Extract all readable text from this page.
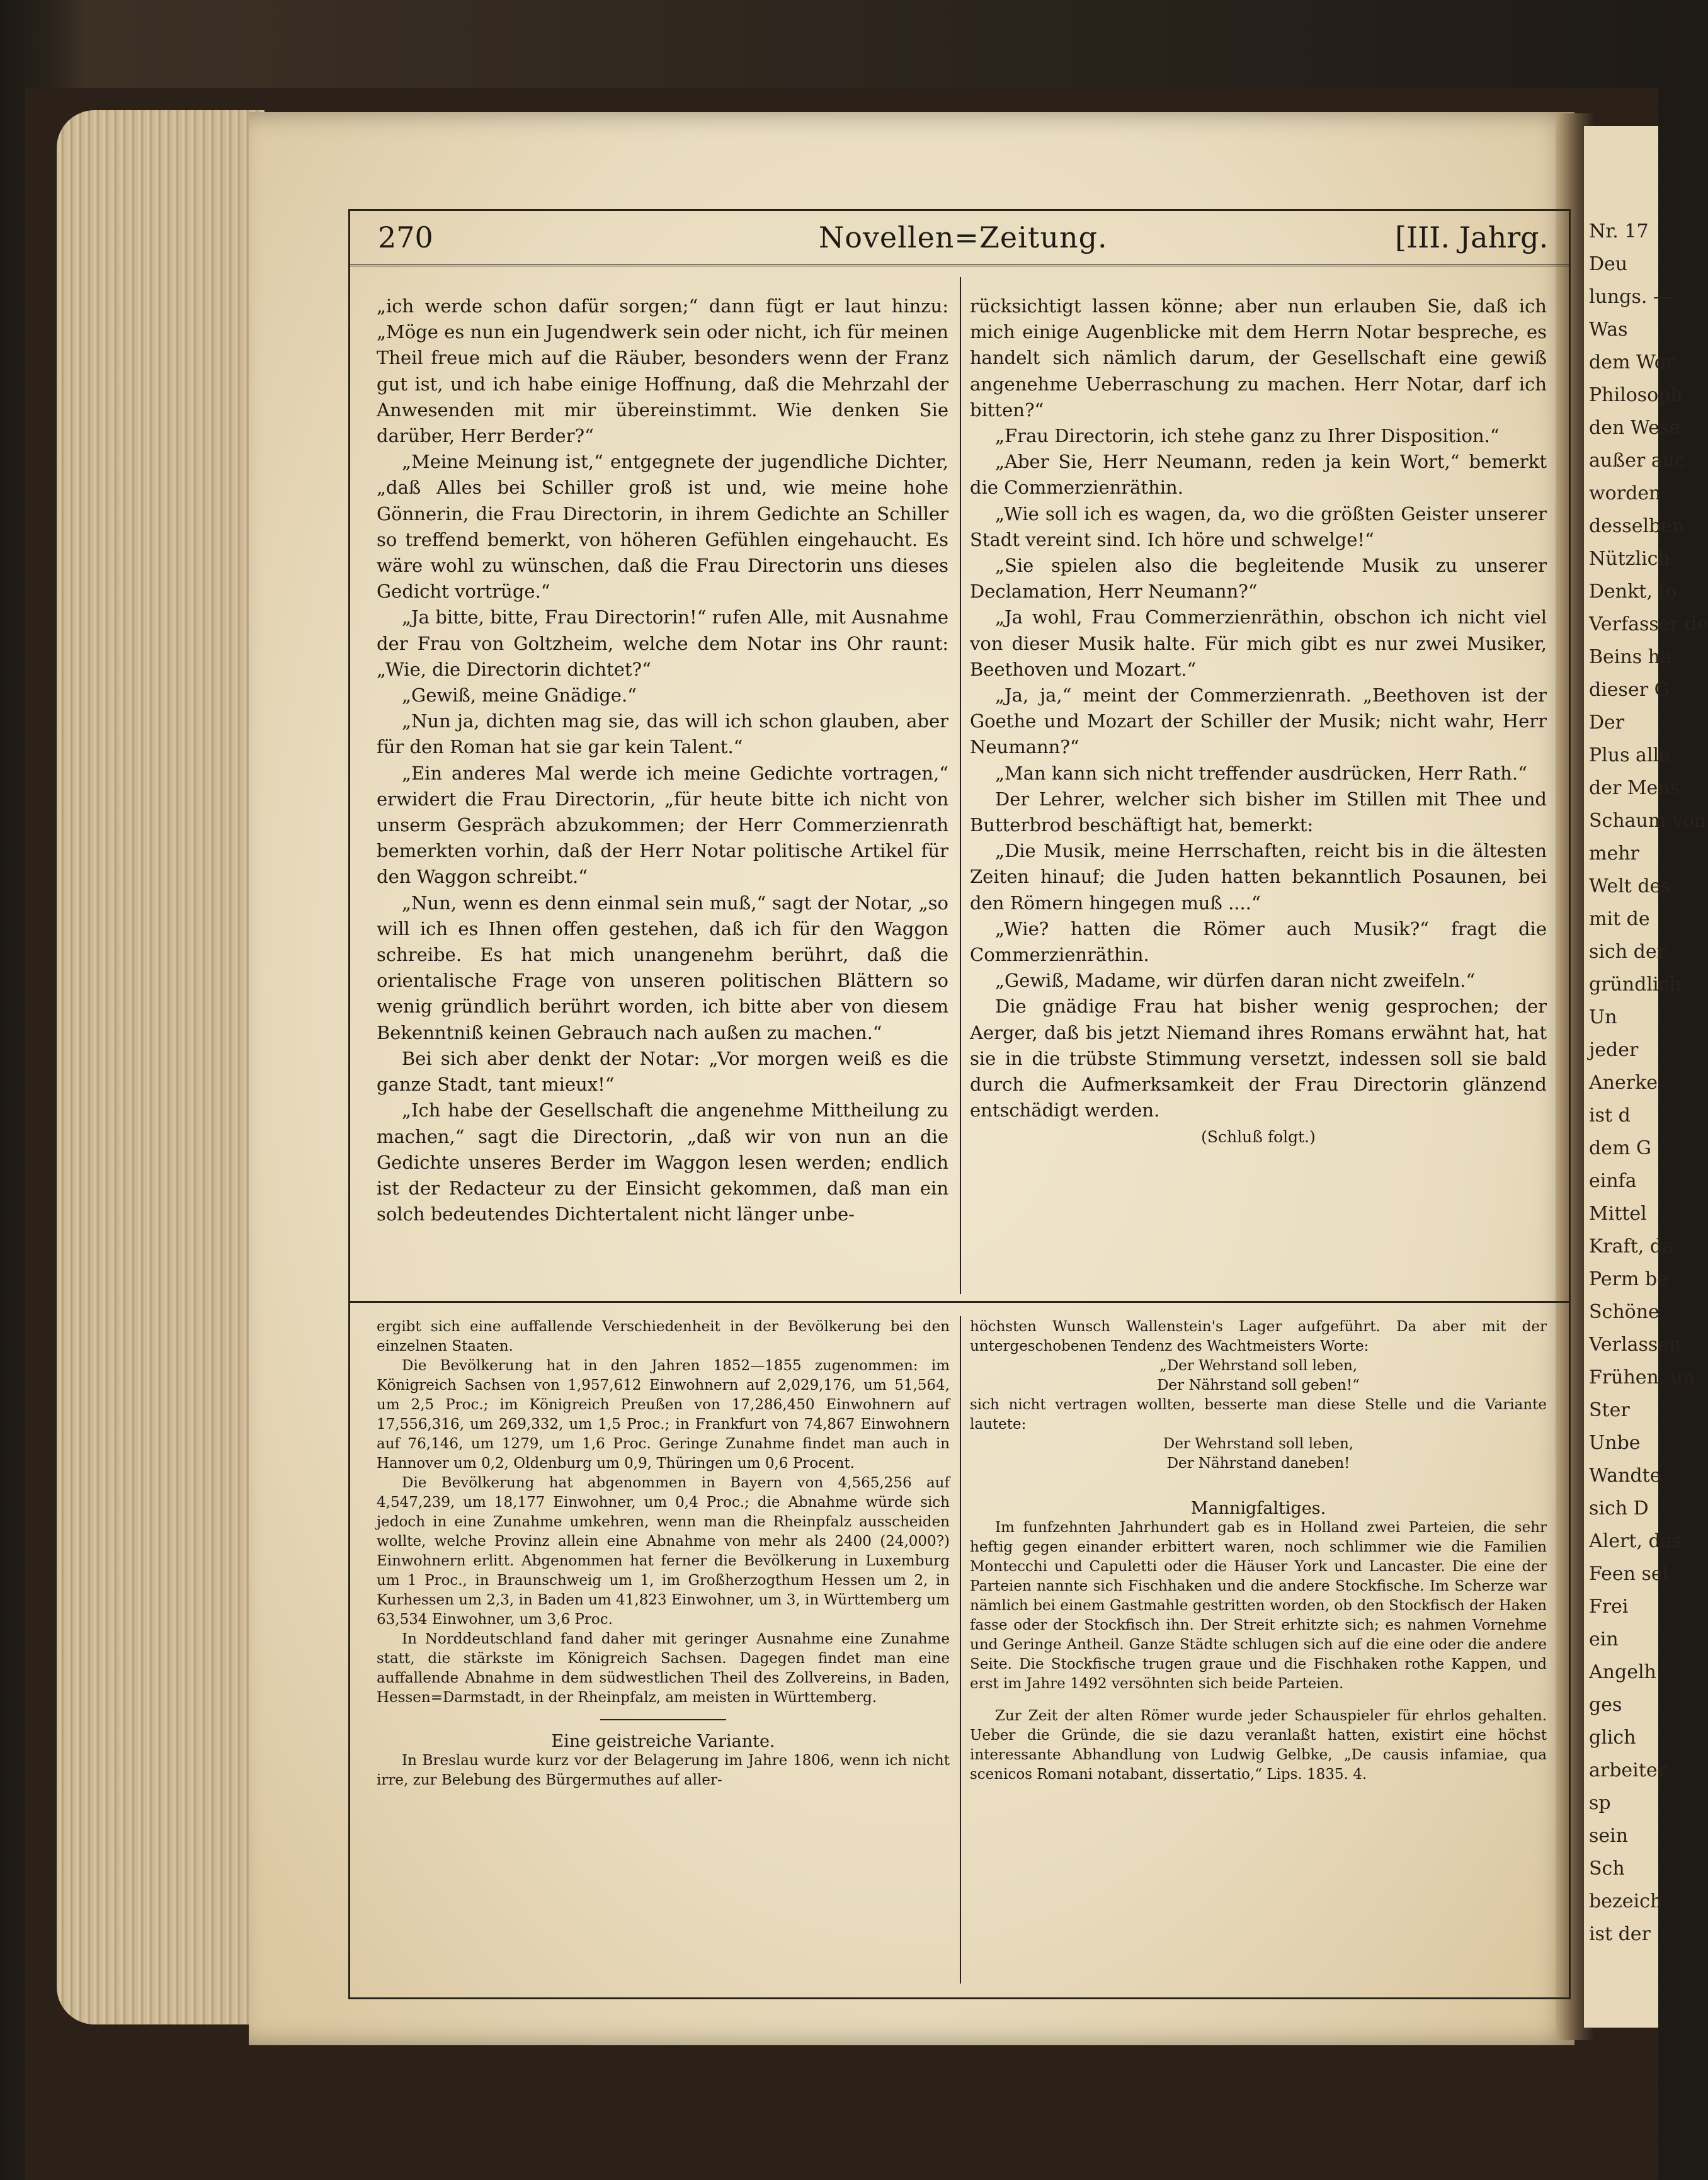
Nr. 17
Deu
lungs. —
Was
dem Wor
Philosoph
den Wese
außer auc
worden
desselben
Nützlich
Denkt, fo
Verfasser de
Beins ha
dieser G
Der
Plus alle
der Mens
Schaum von
mehr
Welt des
mit de
sich der
gründlich
Un
jeder
Anerke
ist d
dem G
einfa
Mittel
Kraft, da
Perm be
Schöne
Verlassen
Frühen, un
Ster
Unbe
Wandte
sich D
Alert, das
Feen sei
Frei
ein
Angelh
ges
glich
arbeiter
sp
sein
Sch
bezeich
ist der
270	Novellen=Zeitung.	[III. Jahrg.

„ich werde schon dafür sorgen;“ dann fügt er laut hinzu: „Möge es nun ein Jugendwerk sein oder nicht, ich für meinen Theil freue mich auf die Räuber, besonders wenn der Franz gut ist, und ich habe einige Hoffnung, daß die Mehrzahl der Anwesenden mit mir übereinstimmt. Wie denken Sie darüber, Herr Berder?“

„Meine Meinung ist,“ entgegnete der jugendliche Dichter, „daß Alles bei Schiller groß ist und, wie meine hohe Gönnerin, die Frau Directorin, in ihrem Gedichte an Schiller so treffend bemerkt, von höheren Gefühlen eingehaucht. Es wäre wohl zu wünschen, daß die Frau Directorin uns dieses Gedicht vortrüge.“

„Ja bitte, bitte, Frau Directorin!“ rufen Alle, mit Ausnahme der Frau von Goltzheim, welche dem Notar ins Ohr raunt: „Wie, die Directorin dichtet?“

„Gewiß, meine Gnädige.“

„Nun ja, dichten mag sie, das will ich schon glauben, aber für den Roman hat sie gar kein Talent.“

„Ein anderes Mal werde ich meine Gedichte vortragen,“ erwidert die Frau Directorin, „für heute bitte ich nicht von unserm Gespräch abzukommen; der Herr Commerzienrath bemerkten vorhin, daß der Herr Notar politische Artikel für den Waggon schreibt.“

„Nun, wenn es denn einmal sein muß,“ sagt der Notar, „so will ich es Ihnen offen gestehen, daß ich für den Waggon schreibe. Es hat mich unangenehm berührt, daß die orientalische Frage von unseren politischen Blättern so wenig gründlich berührt worden, ich bitte aber von diesem Bekenntniß keinen Gebrauch nach außen zu machen.“

Bei sich aber denkt der Notar: „Vor morgen weiß es die ganze Stadt, tant mieux!“

„Ich habe der Gesellschaft die angenehme Mittheilung zu machen,“ sagt die Directorin, „daß wir von nun an die Gedichte unseres Berder im Waggon lesen werden; endlich ist der Redacteur zu der Einsicht gekommen, daß man ein solch bedeutendes Dichtertalent nicht länger unbe-

rücksichtigt lassen könne; aber nun erlauben Sie, daß ich mich einige Augenblicke mit dem Herrn Notar bespreche, es handelt sich nämlich darum, der Gesellschaft eine gewiß angenehme Ueberraschung zu machen. Herr Notar, darf ich bitten?“

„Frau Directorin, ich stehe ganz zu Ihrer Disposition.“

„Aber Sie, Herr Neumann, reden ja kein Wort,“ bemerkt die Commerzienräthin.

„Wie soll ich es wagen, da, wo die größten Geister unserer Stadt vereint sind. Ich höre und schwelge!“

„Sie spielen also die begleitende Musik zu unserer Declamation, Herr Neumann?“

„Ja wohl, Frau Commerzienräthin, obschon ich nicht viel von dieser Musik halte. Für mich gibt es nur zwei Musiker, Beethoven und Mozart.“

„Ja, ja,“ meint der Commerzienrath. „Beethoven ist der Goethe und Mozart der Schiller der Musik; nicht wahr, Herr Neumann?“

„Man kann sich nicht treffender ausdrücken, Herr Rath.“

Der Lehrer, welcher sich bisher im Stillen mit Thee und Butterbrod beschäftigt hat, bemerkt:

„Die Musik, meine Herrschaften, reicht bis in die ältesten Zeiten hinauf; die Juden hatten bekanntlich Posaunen, bei den Römern hingegen muß ....“

„Wie? hatten die Römer auch Musik?“ fragt die Commerzienräthin.

„Gewiß, Madame, wir dürfen daran nicht zweifeln.“

Die gnädige Frau hat bisher wenig gesprochen; der Aerger, daß bis jetzt Niemand ihres Romans erwähnt hat, hat sie in die trübste Stimmung versetzt, indessen soll sie bald durch die Aufmerksamkeit der Frau Directorin glänzend entschädigt werden.

(Schluß folgt.)

ergibt sich eine auffallende Verschiedenheit in der Bevölkerung bei den einzelnen Staaten.

Die Bevölkerung hat in den Jahren 1852—1855 zugenommen: im Königreich Sachsen von 1,957,612 Einwohnern auf 2,029,176, um 51,564, um 2,5 Proc.; im Königreich Preußen von 17,286,450 Einwohnern auf 17,556,316, um 269,332, um 1,5 Proc.; in Frankfurt von 74,867 Einwohnern auf 76,146, um 1279, um 1,6 Proc. Geringe Zunahme findet man auch in Hannover um 0,2, Oldenburg um 0,9, Thüringen um 0,6 Procent.

Die Bevölkerung hat abgenommen in Bayern von 4,565,256 auf 4,547,239, um 18,177 Einwohner, um 0,4 Proc.; die Abnahme würde sich jedoch in eine Zunahme umkehren, wenn man die Rheinpfalz ausscheiden wollte, welche Provinz allein eine Abnahme von mehr als 2400 (24,000?) Einwohnern erlitt. Abgenommen hat ferner die Bevölkerung in Luxemburg um 1 Proc., in Braunschweig um 1, im Großherzogthum Hessen um 2, in Kurhessen um 2,3, in Baden um 41,823 Einwohner, um 3, in Württemberg um 63,534 Einwohner, um 3,6 Proc.

In Norddeutschland fand daher mit geringer Ausnahme eine Zunahme statt, die stärkste im Königreich Sachsen. Dagegen findet man eine auffallende Abnahme in dem südwestlichen Theil des Zollvereins, in Baden, Hessen=Darmstadt, in der Rheinpfalz, am meisten in Württemberg.

Eine geistreiche Variante.

In Breslau wurde kurz vor der Belagerung im Jahre 1806, wenn ich nicht irre, zur Belebung des Bürgermuthes auf aller-

höchsten Wunsch Wallenstein's Lager aufgeführt. Da aber mit der untergeschobenen Tendenz des Wachtmeisters Worte:

„Der Wehrstand soll leben,

Der Nährstand soll geben!“

sich nicht vertragen wollten, besserte man diese Stelle und die Variante lautete:

Der Wehrstand soll leben,

Der Nährstand daneben!

Mannigfaltiges.

Im funfzehnten Jahrhundert gab es in Holland zwei Parteien, die sehr heftig gegen einander erbittert waren, noch schlimmer wie die Familien Montecchi und Capuletti oder die Häuser York und Lancaster. Die eine der Parteien nannte sich Fischhaken und die andere Stockfische. Im Scherze war nämlich bei einem Gastmahle gestritten worden, ob den Stockfisch der Haken fasse oder der Stockfisch ihn. Der Streit erhitzte sich; es nahmen Vornehme und Geringe Antheil. Ganze Städte schlugen sich auf die eine oder die andere Seite. Die Stockfische trugen graue und die Fischhaken rothe Kappen, und erst im Jahre 1492 versöhnten sich beide Parteien.

Zur Zeit der alten Römer wurde jeder Schauspieler für ehrlos gehalten. Ueber die Gründe, die sie dazu veranlaßt hatten, existirt eine höchst interessante Abhandlung von Ludwig Gelbke, „De causis infamiae, qua scenicos Romani notabant, dissertatio,“ Lips. 1835. 4.
